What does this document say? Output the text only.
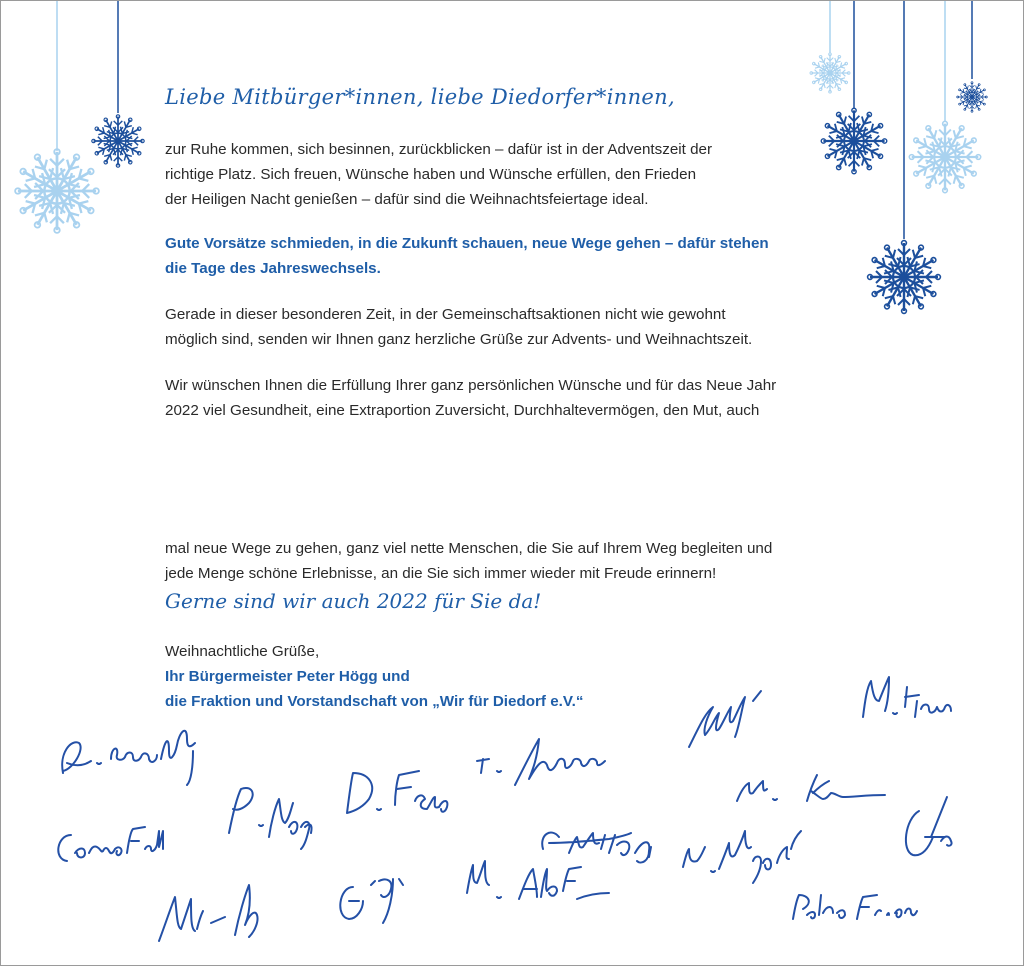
Liebe Mitbürger*innen, liebe Diedorfer*innen,

zur Ruhe kommen, sich besinnen, zurückblicken – dafür ist in der Adventszeit der
richtige Platz. Sich freuen, Wünsche haben und Wünsche erfüllen, den Frieden
der Heiligen Nacht genießen – dafür sind die Weihnachtsfeiertage ideal.

Gute Vorsätze schmieden, in die Zukunft schauen, neue Wege gehen – dafür stehen
die Tage des Jahreswechsels.

Gerade in dieser besonderen Zeit, in der Gemeinschaftsaktionen nicht wie gewohnt
möglich sind, senden wir Ihnen ganz herzliche Grüße zur Advents- und Weihnachtszeit.

Wir wünschen Ihnen die Erfüllung Ihrer ganz persönlichen Wünsche und für das Neue Jahr
2022 viel Gesundheit, eine Extraportion Zuversicht, Durchhaltevermögen, den Mut, auch

mal neue Wege zu gehen, ganz viel nette Menschen, die Sie auf Ihrem Weg begleiten und
jede Menge schöne Erlebnisse, an die Sie sich immer wieder mit Freude erinnern!

Gerne sind wir auch 2022 für Sie da!

Weihnachtliche Grüße,
Ihr Bürgermeister Peter Högg und
die Fraktion und Vorstandschaft von „Wir für Diedorf e.V.“
